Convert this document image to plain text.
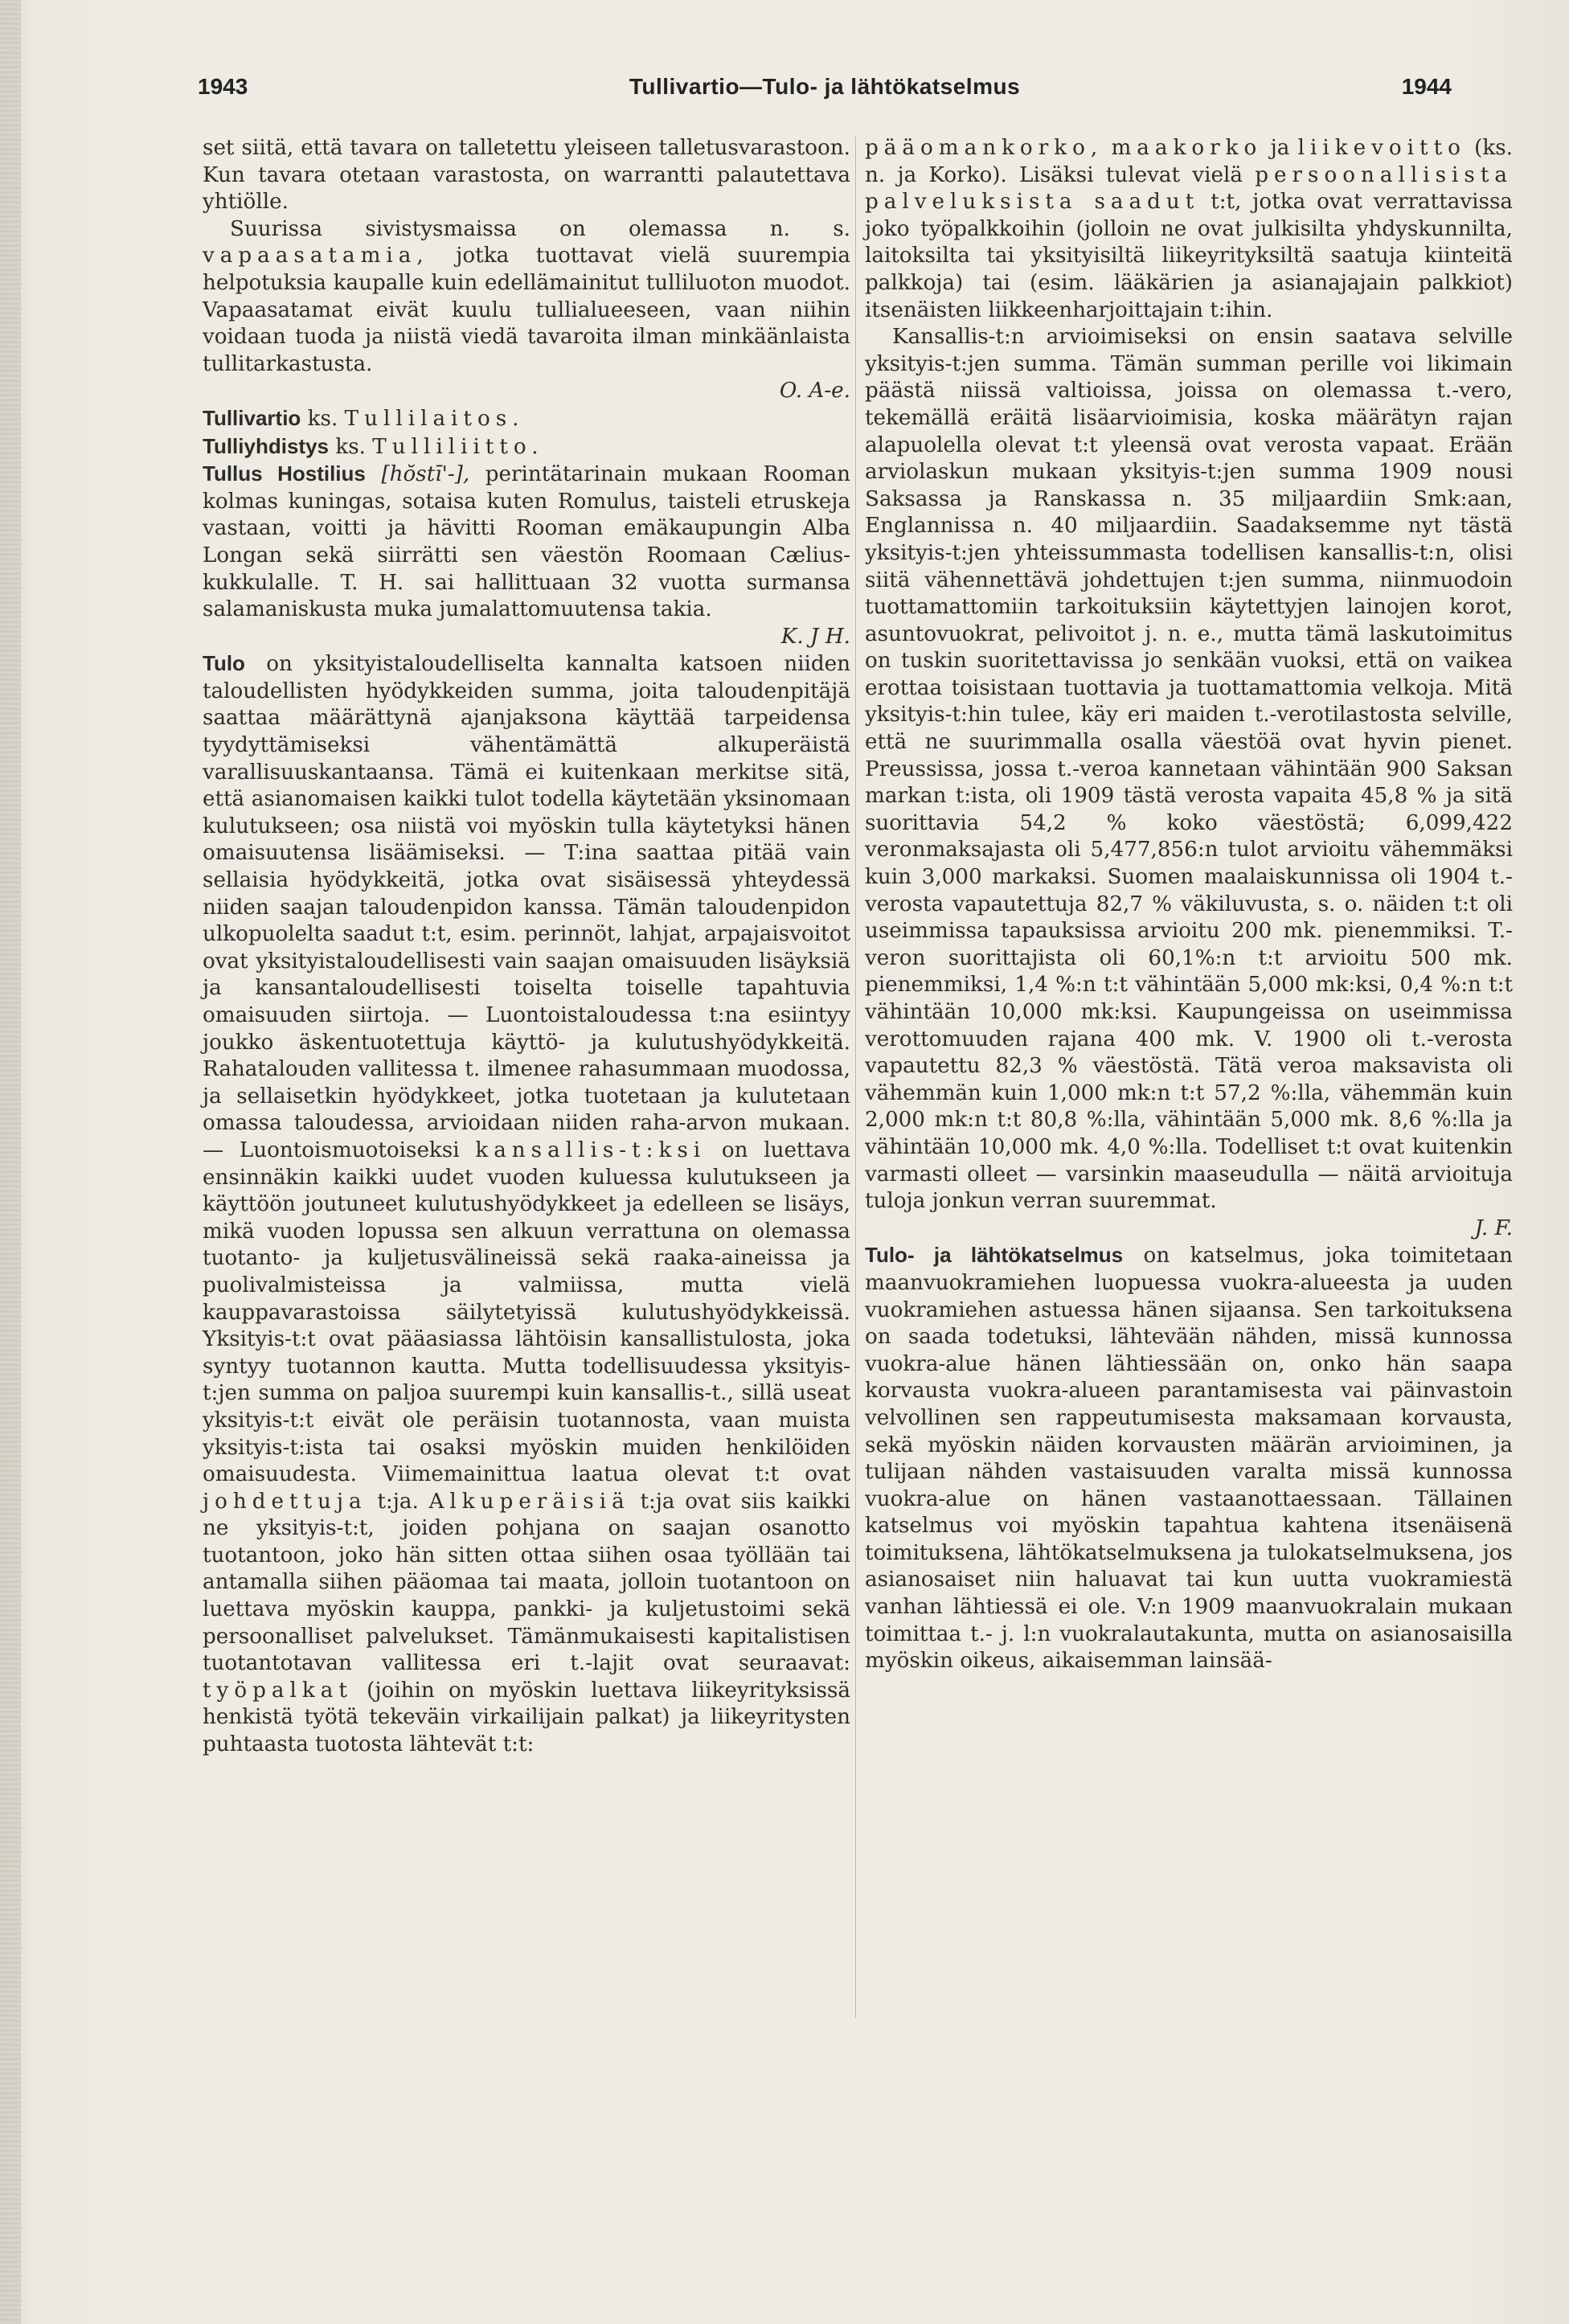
1943	Tullivartio—Tulo- ja lähtökatselmus	1944

set siitä, että tavara on talletettu yleiseen talletusvarastoon. Kun tavara otetaan varastosta, on warrantti palautettava yhtiölle.

Suurissa sivistysmaissa on olemassa n. s. vapaasatamia, jotka tuottavat vielä suurempia helpotuksia kaupalle kuin edellämainitut tulliluoton muodot. Vapaasatamat eivät kuulu tullialueeseen, vaan niihin voidaan tuoda ja niistä viedä tavaroita ilman minkäänlaista tullitarkastusta.
O. A-e.

Tullivartio ks. Tullilaitos.

Tulliyhdistys ks. Tulliliitto.

Tullus Hostilius [hŏstī'-], perintätarinain mukaan Rooman kolmas kuningas, sotaisa kuten Romulus, taisteli etruskeja vastaan, voitti ja hävitti Rooman emäkaupungin Alba Longan sekä siirrätti sen väestön Roomaan Cælius-kukkulalle. T. H. sai hallittuaan 32 vuotta surmansa salamaniskusta muka jumalattomuutensa takia.
K. J H.

Tulo on yksityistaloudelliselta kannalta katsoen niiden taloudellisten hyödykkeiden summa, joita taloudenpitäjä saattaa määrättynä ajanjaksona käyttää tarpeidensa tyydyttämiseksi vähentämättä alkuperäistä varallisuuskantaansa. Tämä ei kuitenkaan merkitse sitä, että asianomaisen kaikki tulot todella käytetään yksinomaan kulutukseen; osa niistä voi myöskin tulla käytetyksi hänen omaisuutensa lisäämiseksi. — T:ina saattaa pitää vain sellaisia hyödykkeitä, jotka ovat sisäisessä yhteydessä niiden saajan taloudenpidon kanssa. Tämän taloudenpidon ulkopuolelta saadut t:t, esim. perinnöt, lahjat, arpajaisvoitot ovat yksityistaloudellisesti vain saajan omaisuuden lisäyksiä ja kansantaloudellisesti toiselta toiselle tapahtuvia omaisuuden siirtoja. — Luontoistaloudessa t:na esiintyy joukko äskentuotettuja käyttö- ja kulutushyödykkeitä. Rahatalouden vallitessa t. ilmenee rahasummaan muodossa, ja sellaisetkin hyödykkeet, jotka tuotetaan ja kulutetaan omassa taloudessa, arvioidaan niiden raha-arvon mukaan. — Luontoismuotoiseksi kansallis-t:ksi on luettava ensinnäkin kaikki uudet vuoden kuluessa kulutukseen ja käyttöön joutuneet kulutushyödykkeet ja edelleen se lisäys, mikä vuoden lopussa sen alkuun verrattuna on olemassa tuotanto- ja kuljetusvälineissä sekä raaka-aineissa ja puolivalmisteissa ja valmiissa, mutta vielä kauppavarastoissa säilytetyissä kulutushyödykkeissä. Yksityis-t:t ovat pääasiassa lähtöisin kansallistulosta, joka syntyy tuotannon kautta. Mutta todellisuudessa yksityis-t:jen summa on paljoa suurempi kuin kansallis-t., sillä useat yksityis-t:t eivät ole peräisin tuotannosta, vaan muista yksityis-t:ista tai osaksi myöskin muiden henkilöiden omaisuudesta. Viimemainittua laatua olevat t:t ovat johdettuja t:ja. Alkuperäisiä t:ja ovat siis kaikki ne yksityis-t:t, joiden pohjana on saajan osanotto tuotantoon, joko hän sitten ottaa siihen osaa työllään tai antamalla siihen pääomaa tai maata, jolloin tuotantoon on luettava myöskin kauppa, pankki- ja kuljetustoimi sekä persoonalliset palvelukset. Tämänmukaisesti kapitalistisen tuotantotavan vallitessa eri t.-lajit ovat seuraavat: työpalkat (joihin on myöskin luettava liikeyrityksissä henkistä työtä tekeväin virkailijain palkat) ja liikeyritysten puhtaasta tuotosta lähtevät t:t:

pääomankorko, maakorko ja liikevoitto (ks. n. ja Korko). Lisäksi tulevat vielä persoonallisista palveluksista saadut t:t, jotka ovat verrattavissa joko työpalkkoihin (jolloin ne ovat julkisilta yhdyskunnilta, laitoksilta tai yksityisiltä liikeyrityksiltä saatuja kiinteitä palkkoja) tai (esim. lääkärien ja asianajajain palkkiot) itsenäisten liikkeenharjoittajain t:ihin.

Kansallis-t:n arvioimiseksi on ensin saatava selville yksityis-t:jen summa. Tämän summan perille voi likimain päästä niissä valtioissa, joissa on olemassa t.-vero, tekemällä eräitä lisäarvioimisia, koska määrätyn rajan alapuolella olevat t:t yleensä ovat verosta vapaat. Erään arviolaskun mukaan yksityis-t:jen summa 1909 nousi Saksassa ja Ranskassa n. 35 miljaardiin Smk:aan, Englannissa n. 40 miljaardiin. Saadaksemme nyt tästä yksityis-t:jen yhteissummasta todellisen kansallis-t:n, olisi siitä vähennettävä johdettujen t:jen summa, niinmuodoin tuottamattomiin tarkoituksiin käytettyjen lainojen korot, asuntovuokrat, pelivoitot j. n. e., mutta tämä laskutoimitus on tuskin suoritettavissa jo senkään vuoksi, että on vaikea erottaa toisistaan tuottavia ja tuottamattomia velkoja. Mitä yksityis-t:hin tulee, käy eri maiden t.-verotilastosta selville, että ne suurimmalla osalla väestöä ovat hyvin pienet. Preussissa, jossa t.-veroa kannetaan vähintään 900 Saksan markan t:ista, oli 1909 tästä verosta vapaita 45,8 % ja sitä suorittavia 54,2 % koko väestöstä; 6,099,422 veronmaksajasta oli 5,477,856:n tulot arvioitu vähemmäksi kuin 3,000 markaksi. Suomen maalaiskunnissa oli 1904 t.-verosta vapautettuja 82,7 % väkiluvusta, s. o. näiden t:t oli useimmissa tapauksissa arvioitu 200 mk. pienemmiksi. T.-veron suorittajista oli 60,1%:n t:t arvioitu 500 mk. pienemmiksi, 1,4 %:n t:t vähintään 5,000 mk:ksi, 0,4 %:n t:t vähintään 10,000 mk:ksi. Kaupungeissa on useimmissa verottomuuden rajana 400 mk. V. 1900 oli t.-verosta vapautettu 82,3 % väestöstä. Tätä veroa maksavista oli vähemmän kuin 1,000 mk:n t:t 57,2 %:lla, vähemmän kuin 2,000 mk:n t:t 80,8 %:lla, vähintään 5,000 mk. 8,6 %:lla ja vähintään 10,000 mk. 4,0 %:lla. Todelliset t:t ovat kuitenkin varmasti olleet — varsinkin maaseudulla — näitä arvioituja tuloja jonkun verran suuremmat.
J. F.

Tulo- ja lähtökatselmus on katselmus, joka toimitetaan maanvuokramiehen luopuessa vuokra-alueesta ja uuden vuokramiehen astuessa hänen sijaansa. Sen tarkoituksena on saada todetuksi, lähtevään nähden, missä kunnossa vuokra-alue hänen lähtiessään on, onko hän saapa korvausta vuokra-alueen parantamisesta vai päinvastoin velvollinen sen rappeutumisesta maksamaan korvausta, sekä myöskin näiden korvausten määrän arvioiminen, ja tulijaan nähden vastaisuuden varalta missä kunnossa vuokra-alue on hänen vastaanottaessaan. Tällainen katselmus voi myöskin tapahtua kahtena itsenäisenä toimituksena, lähtökatselmuksena ja tulokatselmuksena, jos asianosaiset niin haluavat tai kun uutta vuokramiestä vanhan lähtiessä ei ole. V:n 1909 maanvuokralain mukaan toimittaa t.- j. l:n vuokralautakunta, mutta on asianosaisilla myöskin oikeus, aikaisemman lainsää-
